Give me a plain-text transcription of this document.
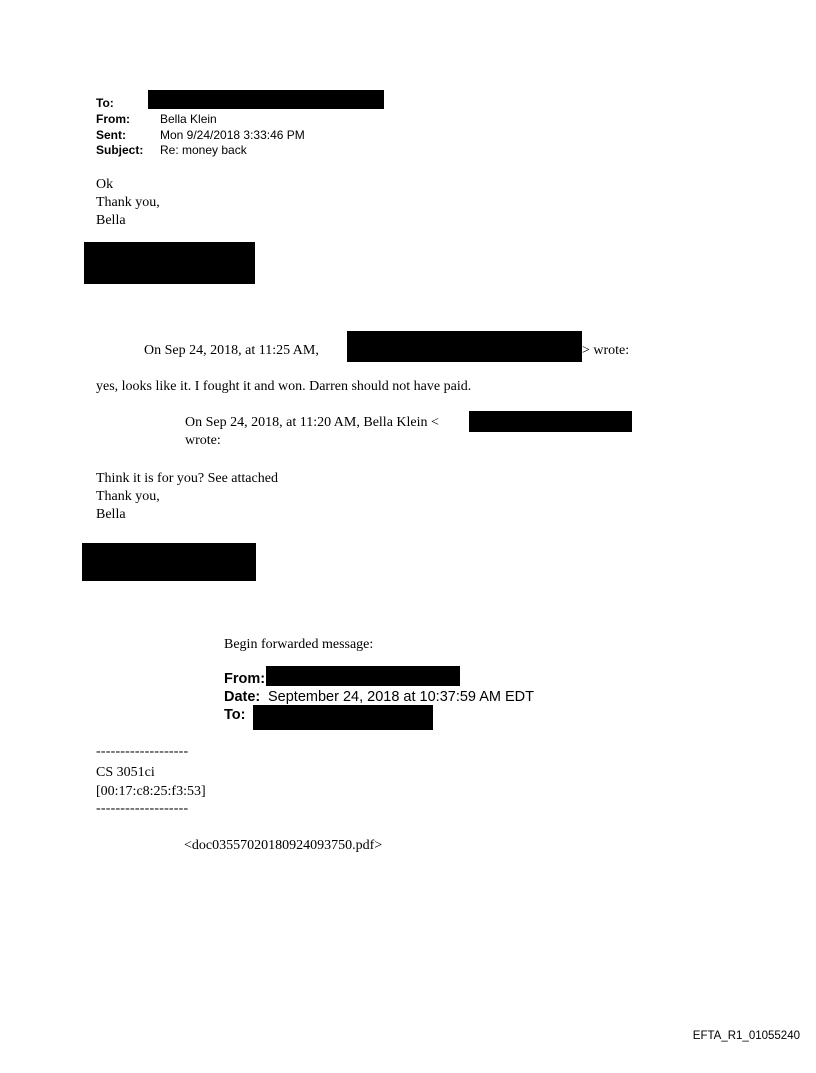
To:
From:	Bella Klein
Sent:	Mon 9/24/2018 3:33:46 PM
Subject: Re: money back
Ok
Thank you,
Bella
On Sep 24, 2018, at 11:25 AM,	> wrote:
yes, looks like it. I fought it and won. Darren should not have paid.
On Sep 24, 2018, at 11:20 AM, Bella Klein <
wrote:
Think it is for you? See attached
Thank you,
Bella
Begin forwarded message:
From:
Date: September 24, 2018 at 10:37:59 AM EDT
To:
-------------------
CS 3051ci
[00:17:c8:25:f3:53]
-------------------
<doc03557020180924093750.pdf>
EFTA_R1_01055240
